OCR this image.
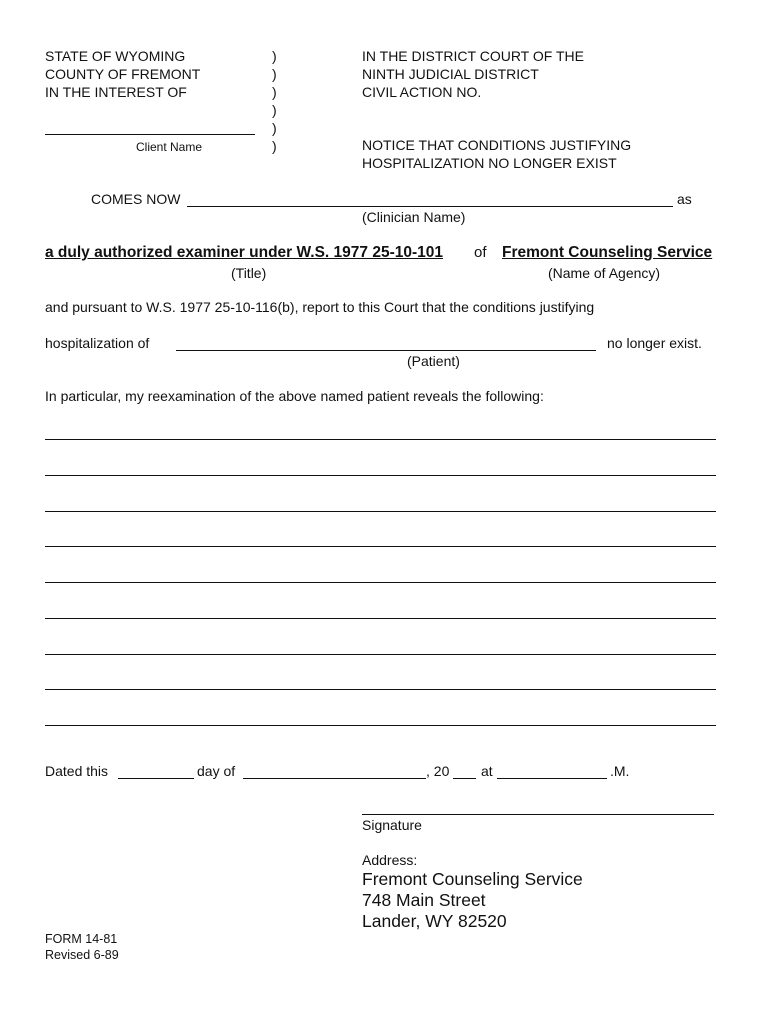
STATE OF WYOMING
COUNTY OF FREMONT
IN THE INTEREST OF
Client Name
)
)
)
)
)
)
IN THE DISTRICT COURT OF THE
NINTH JUDICIAL DISTRICT
CIVIL ACTION NO.
NOTICE THAT CONDITIONS JUSTIFYING
HOSPITALIZATION NO LONGER EXIST
COMES NOW	as
(Clinician Name)
a duly authorized examiner under W.S. 1977 25-10-101 of Fremont Counseling Service
(Title)	(Name of Agency)
and pursuant to W.S. 1977 25-10-116(b), report to this Court that the conditions justifying
hospitalization of	no longer exist.
(Patient)
In particular, my reexamination of the above named patient reveals the following:
Dated this	day of	, 20 at	.M.
Signature
Address:
Fremont Counseling Service
748 Main Street
Lander, WY 82520
FORM 14-81
Revised 6-89
